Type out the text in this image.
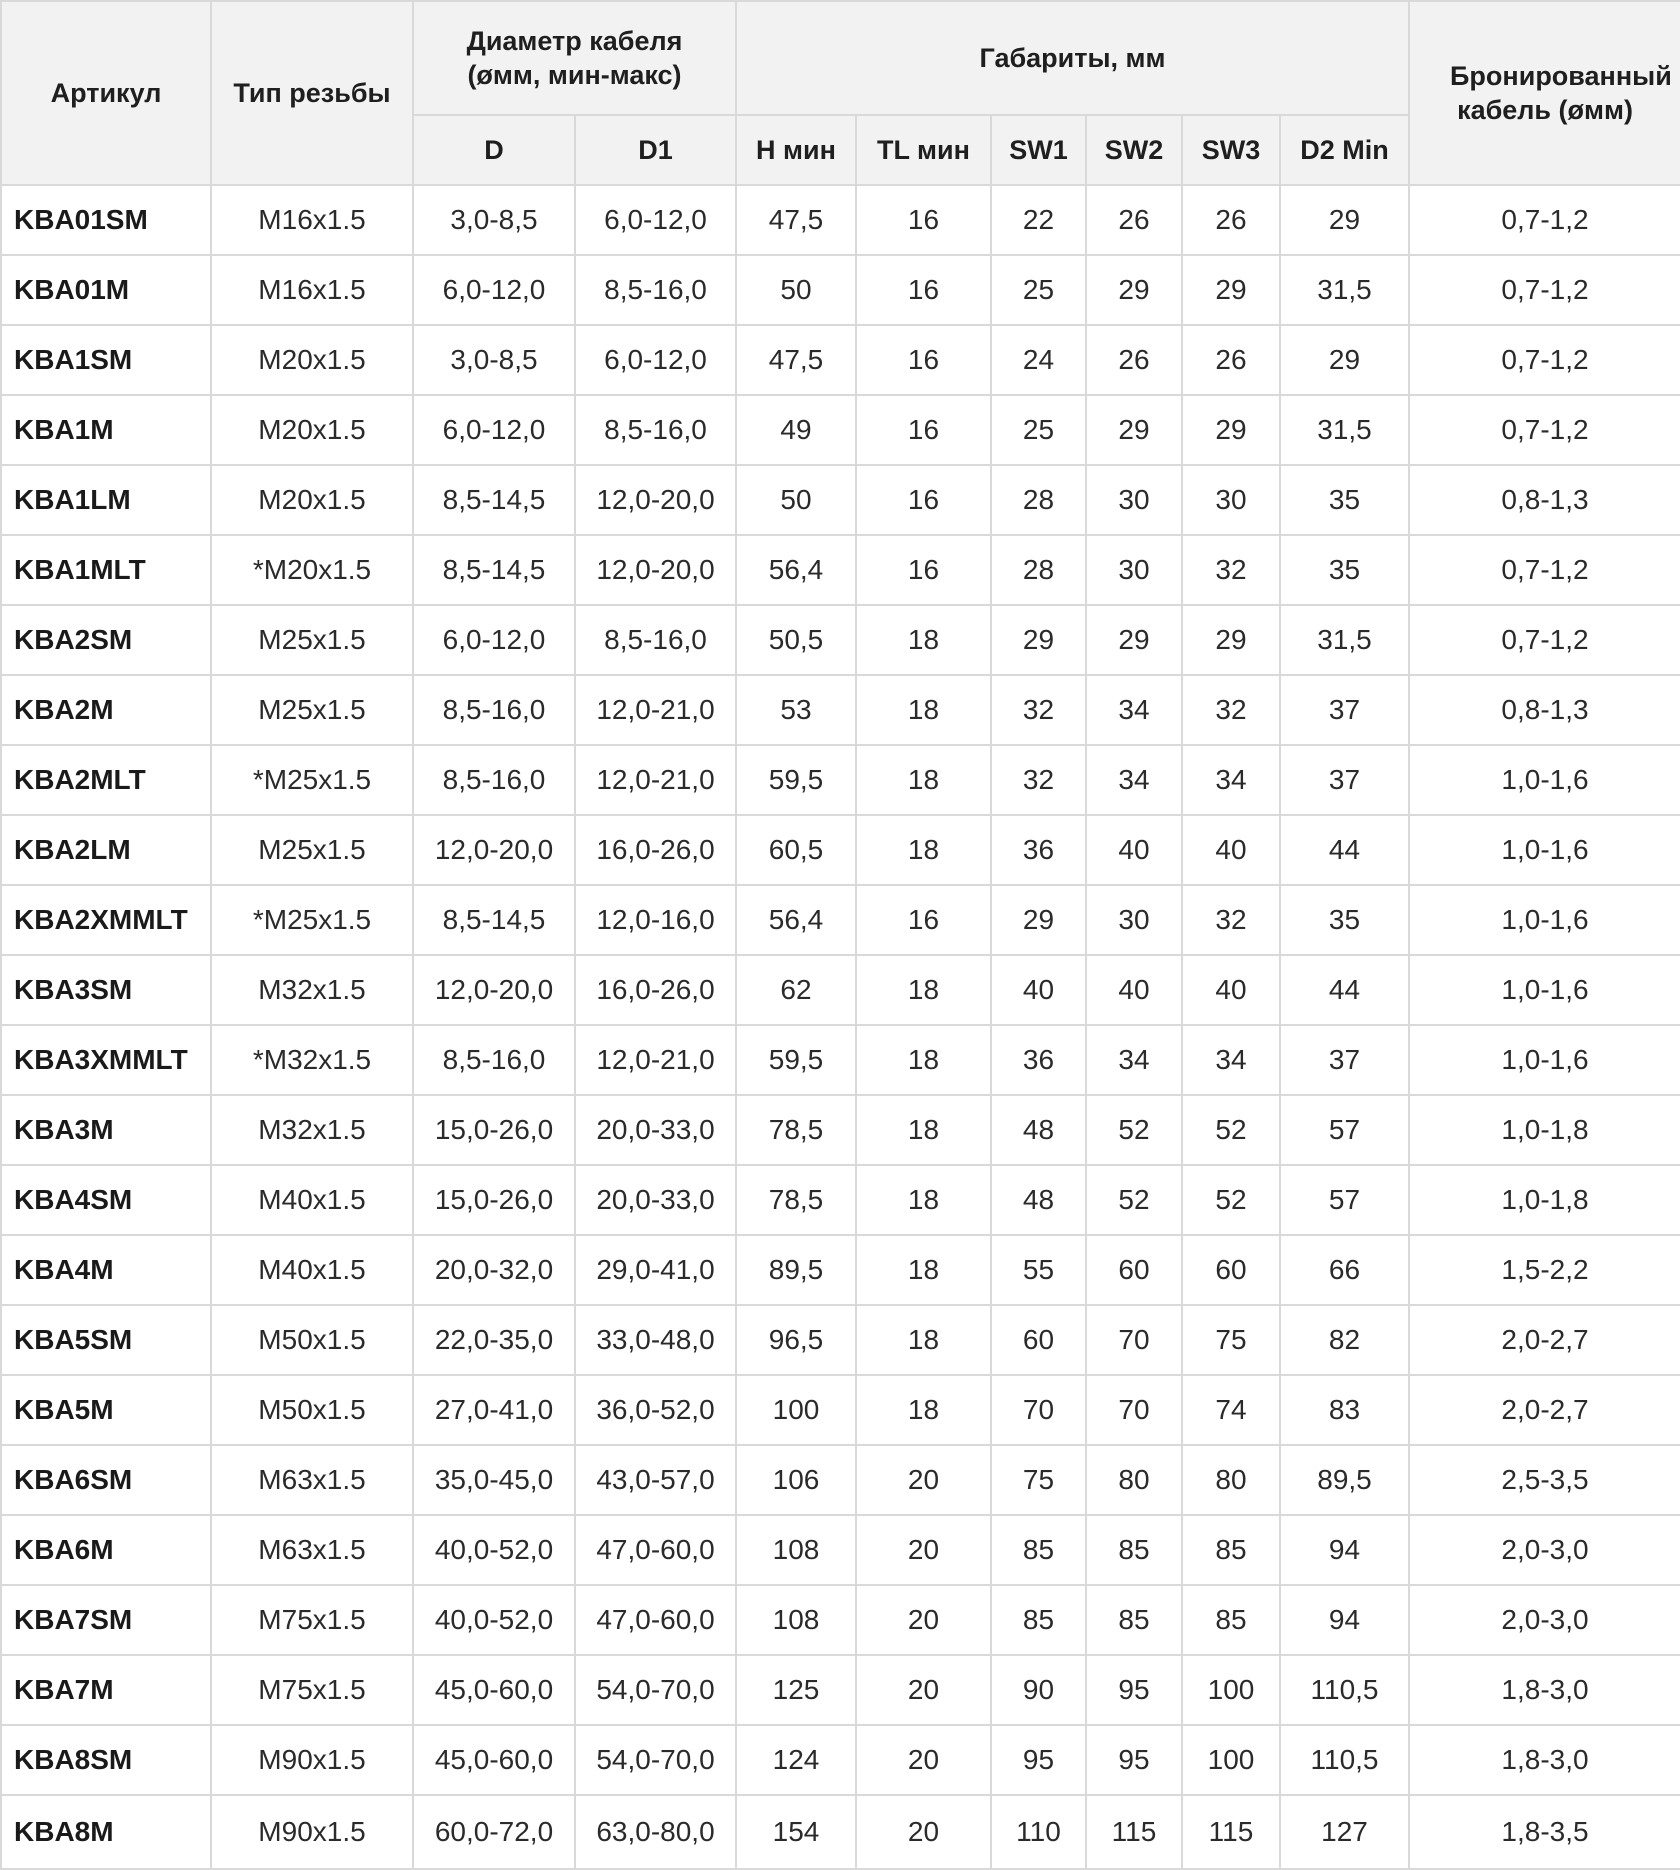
Артикул	Тип резьбы	Диаметр кабеля
(øмм, мин-макс)		Габариты, мм						Бронированный кабель (øмм)
		D	D1	H мин	TL мин	SW1	SW2	SW3	D2 Min	
KBA01SM	M16x1.5	3,0-8,5	6,0-12,0	47,5	16	22	26	26	29	0,7-1,2
KBA01M	M16x1.5	6,0-12,0	8,5-16,0	50	16	25	29	29	31,5	0,7-1,2
KBA1SM	M20x1.5	3,0-8,5	6,0-12,0	47,5	16	24	26	26	29	0,7-1,2
KBA1M	M20x1.5	6,0-12,0	8,5-16,0	49	16	25	29	29	31,5	0,7-1,2
KBA1LM	M20x1.5	8,5-14,5	12,0-20,0	50	16	28	30	30	35	0,8-1,3
KBA1MLT	*M20x1.5	8,5-14,5	12,0-20,0	56,4	16	28	30	32	35	0,7-1,2
KBA2SM	M25x1.5	6,0-12,0	8,5-16,0	50,5	18	29	29	29	31,5	0,7-1,2
KBA2M	M25x1.5	8,5-16,0	12,0-21,0	53	18	32	34	32	37	0,8-1,3
KBA2MLT	*M25x1.5	8,5-16,0	12,0-21,0	59,5	18	32	34	34	37	1,0-1,6
KBA2LM	M25x1.5	12,0-20,0	16,0-26,0	60,5	18	36	40	40	44	1,0-1,6
KBA2XMMLT	*M25x1.5	8,5-14,5	12,0-16,0	56,4	16	29	30	32	35	1,0-1,6
KBA3SM	M32x1.5	12,0-20,0	16,0-26,0	62	18	40	40	40	44	1,0-1,6
KBA3XMMLT	*M32x1.5	8,5-16,0	12,0-21,0	59,5	18	36	34	34	37	1,0-1,6
KBA3M	M32x1.5	15,0-26,0	20,0-33,0	78,5	18	48	52	52	57	1,0-1,8
KBA4SM	M40x1.5	15,0-26,0	20,0-33,0	78,5	18	48	52	52	57	1,0-1,8
KBA4M	M40x1.5	20,0-32,0	29,0-41,0	89,5	18	55	60	60	66	1,5-2,2
KBA5SM	M50x1.5	22,0-35,0	33,0-48,0	96,5	18	60	70	75	82	2,0-2,7
KBA5M	M50x1.5	27,0-41,0	36,0-52,0	100	18	70	70	74	83	2,0-2,7
KBA6SM	M63x1.5	35,0-45,0	43,0-57,0	106	20	75	80	80	89,5	2,5-3,5
KBA6M	M63x1.5	40,0-52,0	47,0-60,0	108	20	85	85	85	94	2,0-3,0
KBA7SM	M75x1.5	40,0-52,0	47,0-60,0	108	20	85	85	85	94	2,0-3,0
KBA7M	M75x1.5	45,0-60,0	54,0-70,0	125	20	90	95	100	110,5	1,8-3,0
KBA8SM	M90x1.5	45,0-60,0	54,0-70,0	124	20	95	95	100	110,5	1,8-3,0
KBA8M	M90x1.5	60,0-72,0	63,0-80,0	154	20	110	115	115	127	1,8-3,5
